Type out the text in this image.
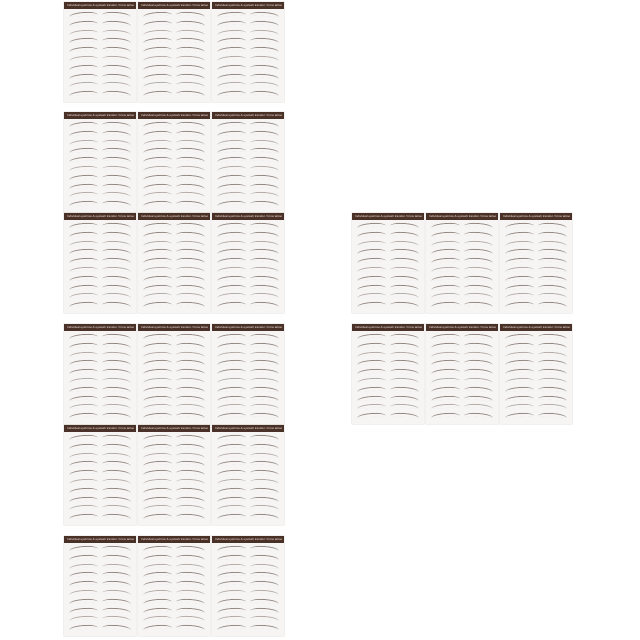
Individual eyebrow & eyelash transfer / brow tattoo	Individual eyebrow & eyelash transfer / brow tattoo	Individual eyebrow & eyelash transfer / brow tattoo
Individual eyebrow & eyelash transfer / brow tattoo	Individual eyebrow & eyelash transfer / brow tattoo	Individual eyebrow & eyelash transfer / brow tattoo
Individual eyebrow & eyelash transfer / brow tattoo	Individual eyebrow & eyelash transfer / brow tattoo	Individual eyebrow & eyelash transfer / brow tattoo
Individual eyebrow & eyelash transfer / brow tattoo	Individual eyebrow & eyelash transfer / brow tattoo	Individual eyebrow & eyelash transfer / brow tattoo
Individual eyebrow & eyelash transfer / brow tattoo	Individual eyebrow & eyelash transfer / brow tattoo	Individual eyebrow & eyelash transfer / brow tattoo
Individual eyebrow & eyelash transfer / brow tattoo	Individual eyebrow & eyelash transfer / brow tattoo	Individual eyebrow & eyelash transfer / brow tattoo
Individual eyebrow & eyelash transfer / brow tattoo	Individual eyebrow & eyelash transfer / brow tattoo	Individual eyebrow & eyelash transfer / brow tattoo
Individual eyebrow & eyelash transfer / brow tattoo	Individual eyebrow & eyelash transfer / brow tattoo	Individual eyebrow & eyelash transfer / brow tattoo
